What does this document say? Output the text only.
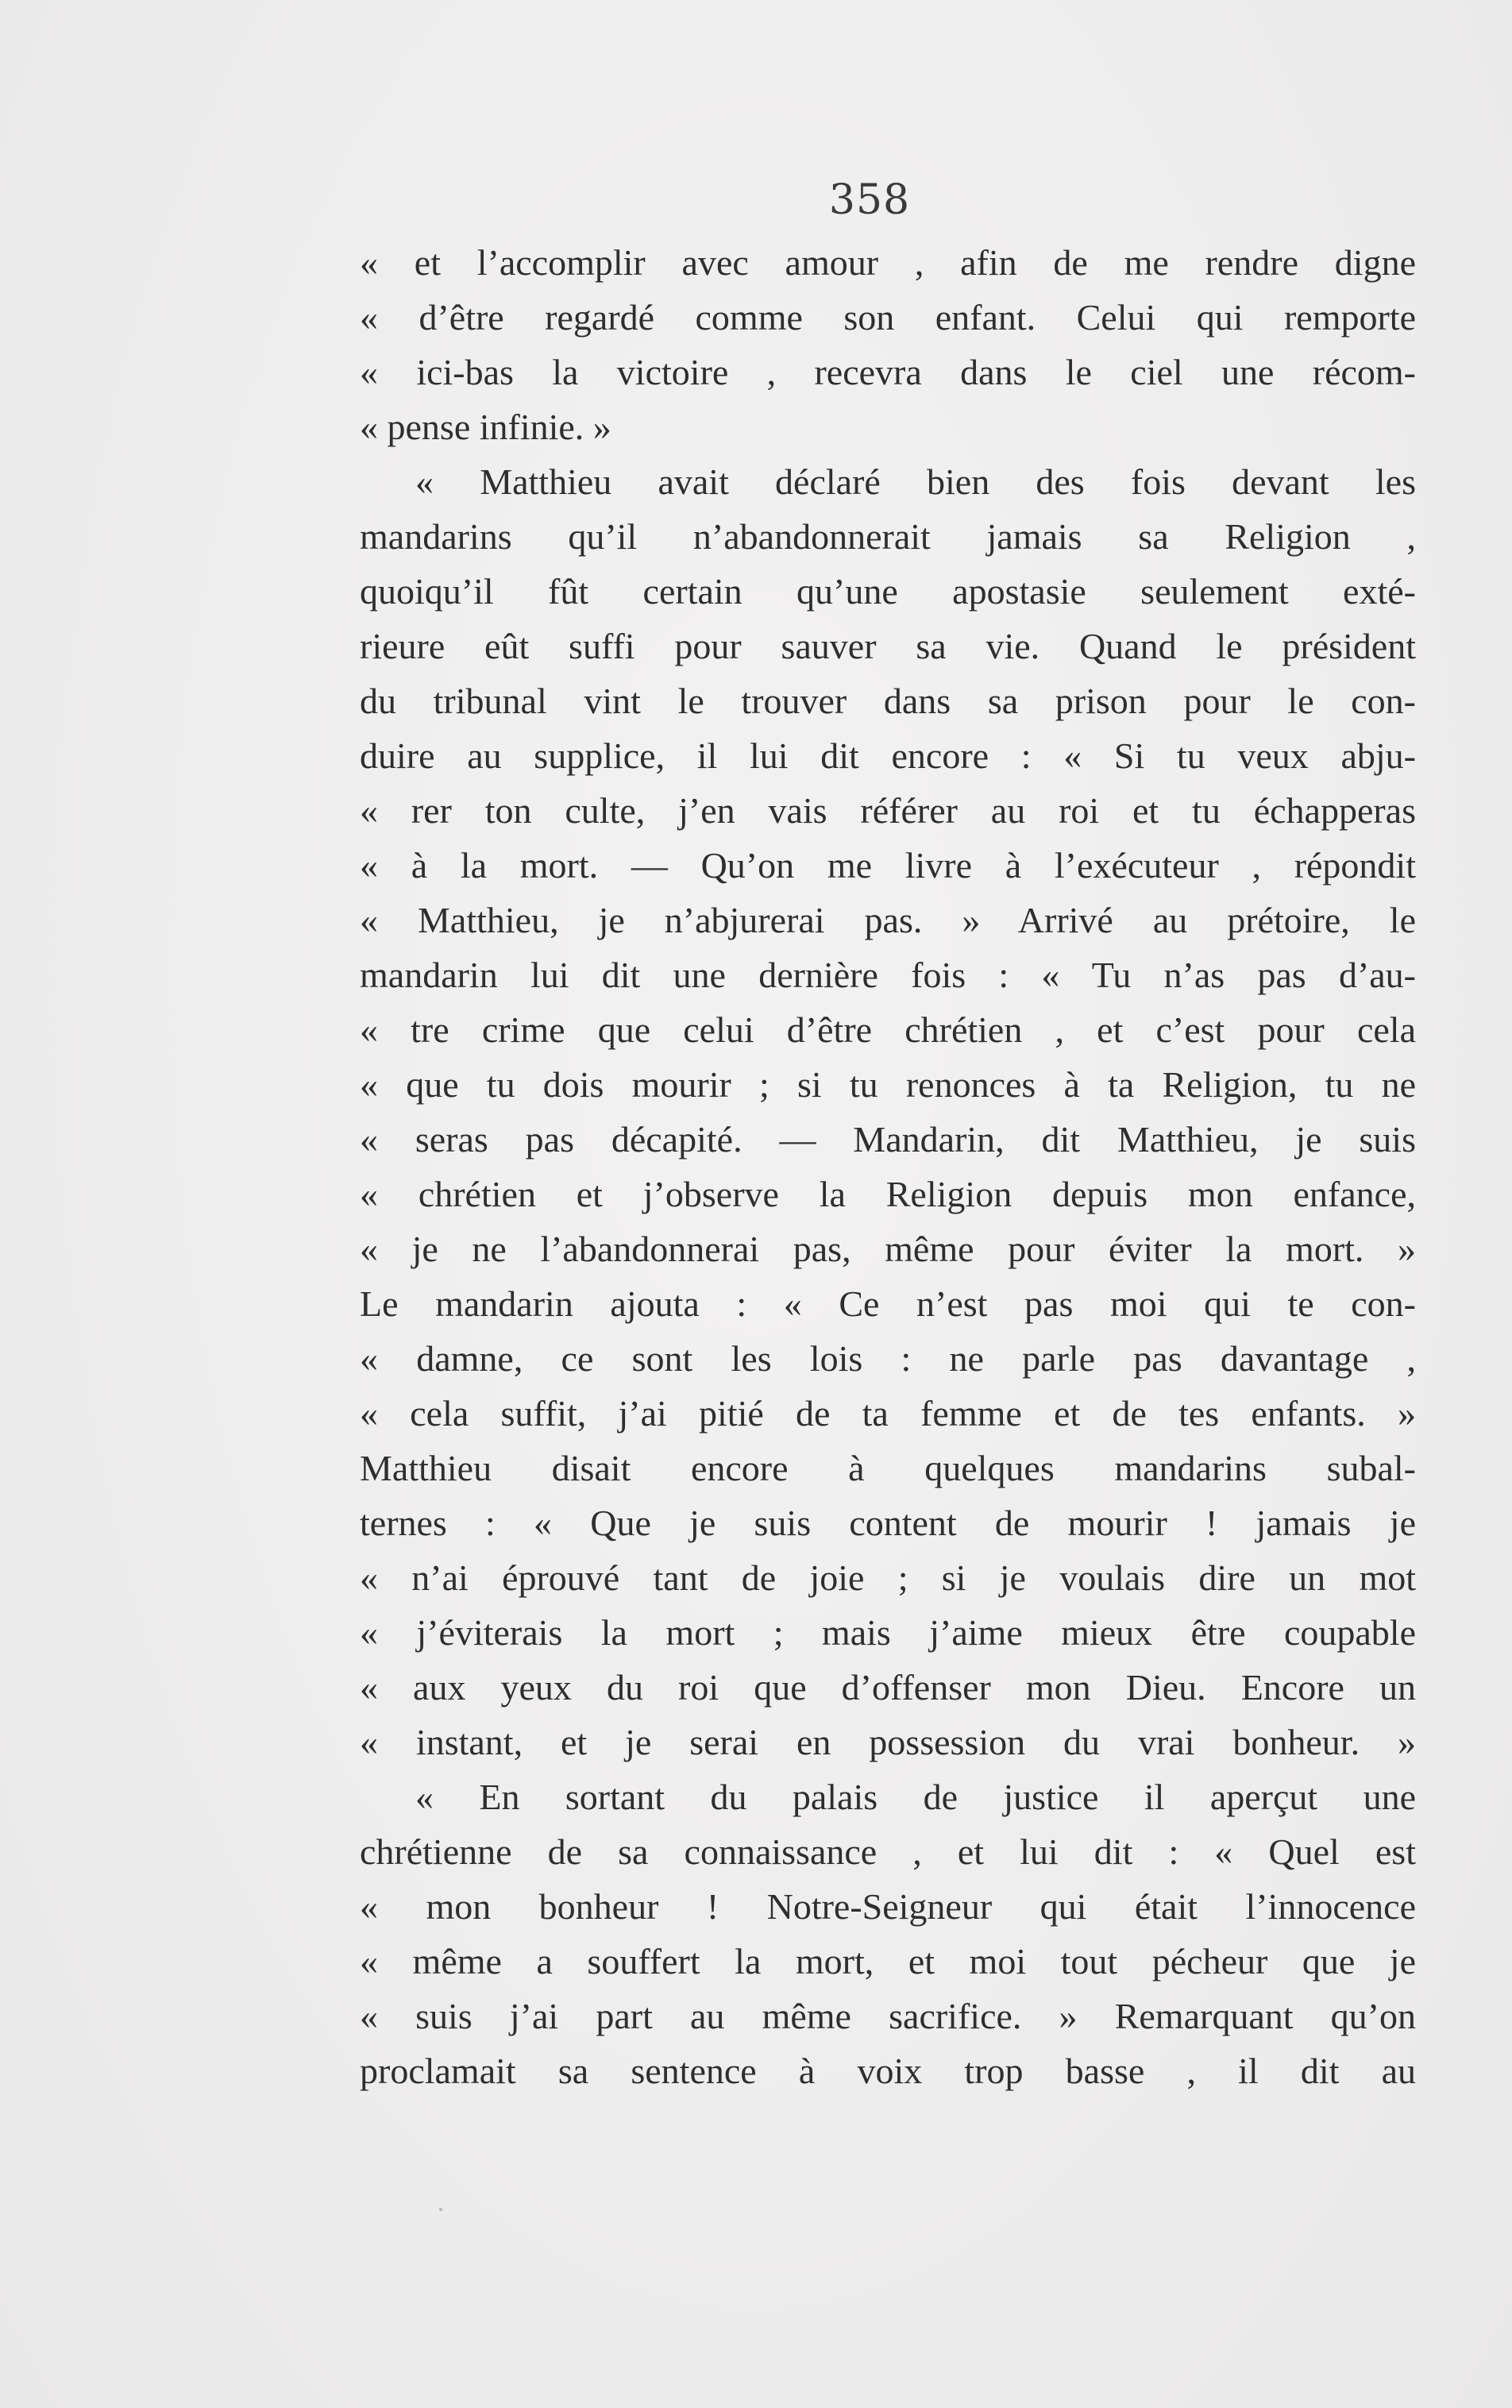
358
« et l’accomplir avec amour , afin de me rendre digne
« d’être regardé comme son enfant. Celui qui remporte
« ici-bas la victoire , recevra dans le ciel une récom-
« pense infinie. »
« Matthieu avait déclaré bien des fois devant les
mandarins qu’il n’abandonnerait jamais sa Religion ,
quoiqu’il fût certain qu’une apostasie seulement exté-
rieure eût suffi pour sauver sa vie. Quand le président
du tribunal vint le trouver dans sa prison pour le con-
duire au supplice, il lui dit encore : « Si tu veux abju-
« rer ton culte, j’en vais référer au roi et tu échapperas
« à la mort. — Qu’on me livre à l’exécuteur , répondit
« Matthieu, je n’abjurerai pas. » Arrivé au prétoire, le
mandarin lui dit une dernière fois : « Tu n’as pas d’au-
« tre crime que celui d’être chrétien , et c’est pour cela
« que tu dois mourir ; si tu renonces à ta Religion, tu ne
« seras pas décapité. — Mandarin, dit Matthieu, je suis
« chrétien et j’observe la Religion depuis mon enfance,
« je ne l’abandonnerai pas, même pour éviter la mort. »
Le mandarin ajouta : « Ce n’est pas moi qui te con-
« damne, ce sont les lois : ne parle pas davantage ,
« cela suffit, j’ai pitié de ta femme et de tes enfants. »
Matthieu disait encore à quelques mandarins subal-
ternes : « Que je suis content de mourir ! jamais je
« n’ai éprouvé tant de joie ; si je voulais dire un mot
« j’éviterais la mort ; mais j’aime mieux être coupable
« aux yeux du roi que d’offenser mon Dieu. Encore un
« instant, et je serai en possession du vrai bonheur. »
« En sortant du palais de justice il aperçut une
chrétienne de sa connaissance , et lui dit : « Quel est
« mon bonheur ! Notre-Seigneur qui était l’innocence
« même a souffert la mort, et moi tout pécheur que je
« suis j’ai part au même sacrifice. » Remarquant qu’on
proclamait sa sentence à voix trop basse , il dit au
